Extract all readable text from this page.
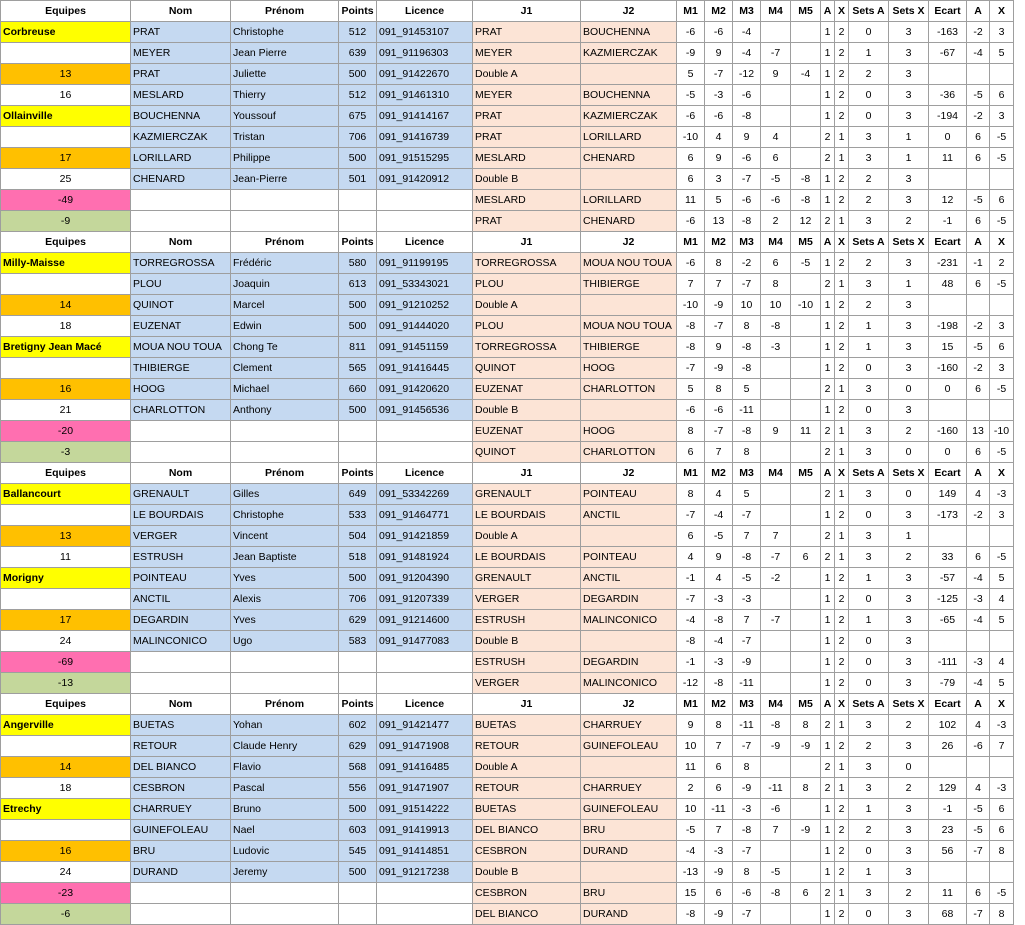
Equipes	Nom	Prénom	Points	Licence	J1	J2	M1	M2	M3	M4	M5	A	X	Sets A	Sets X	Ecart	A	X
Corbreuse	PRAT	Christophe	512	091_91453107	PRAT	BOUCHENNA	-6	-6	-4			1	2	0	3	-163	-2	3
	MEYER	Jean Pierre	639	091_91196303	MEYER	KAZMIERCZAK	-9	9	-4	-7		1	2	1	3	-67	-4	5
13	PRAT	Juliette	500	091_91422670	Double A		5	-7	-12	9	-4	1	2	2	3			
16	MESLARD	Thierry	512	091_91461310	MEYER	BOUCHENNA	-5	-3	-6			1	2	0	3	-36	-5	6
Ollainville	BOUCHENNA	Youssouf	675	091_91414167	PRAT	KAZMIERCZAK	-6	-6	-8			1	2	0	3	-194	-2	3
	KAZMIERCZAK	Tristan	706	091_91416739	PRAT	LORILLARD	-10	4	9	4		2	1	3	1	0	6	-5
17	LORILLARD	Philippe	500	091_91515295	MESLARD	CHENARD	6	9	-6	6		2	1	3	1	11	6	-5
25	CHENARD	Jean-Pierre	501	091_91420912	Double B		6	3	-7	-5	-8	1	2	2	3			
-49					MESLARD	LORILLARD	11	5	-6	-6	-8	1	2	2	3	12	-5	6
-9					PRAT	CHENARD	-6	13	-8	2	12	2	1	3	2	-1	6	-5
Equipes	Nom	Prénom	Points	Licence	J1	J2	M1	M2	M3	M4	M5	A	X	Sets A	Sets X	Ecart	A	X
Milly-Maisse	TORREGROSSA	Frédéric	580	091_91199195	TORREGROSSA	MOUA NOU TOUA	-6	8	-2	6	-5	1	2	2	3	-231	-1	2
	PLOU	Joaquin	613	091_53343021	PLOU	THIBIERGE	7	7	-7	8		2	1	3	1	48	6	-5
14	QUINOT	Marcel	500	091_91210252	Double A		-10	-9	10	10	-10	1	2	2	3			
18	EUZENAT	Edwin	500	091_91444020	PLOU	MOUA NOU TOUA	-8	-7	8	-8		1	2	1	3	-198	-2	3
Bretigny Jean Macé	MOUA NOU TOUA	Chong Te	811	091_91451159	TORREGROSSA	THIBIERGE	-8	9	-8	-3		1	2	1	3	15	-5	6
	THIBIERGE	Clement	565	091_91416445	QUINOT	HOOG	-7	-9	-8			1	2	0	3	-160	-2	3
16	HOOG	Michael	660	091_91420620	EUZENAT	CHARLOTTON	5	8	5			2	1	3	0	0	6	-5
21	CHARLOTTON	Anthony	500	091_91456536	Double B		-6	-6	-11			1	2	0	3			
-20					EUZENAT	HOOG	8	-7	-8	9	11	2	1	3	2	-160	13	-10
-3					QUINOT	CHARLOTTON	6	7	8			2	1	3	0	0	6	-5
Equipes	Nom	Prénom	Points	Licence	J1	J2	M1	M2	M3	M4	M5	A	X	Sets A	Sets X	Ecart	A	X
Ballancourt	GRENAULT	Gilles	649	091_53342269	GRENAULT	POINTEAU	8	4	5			2	1	3	0	149	4	-3
	LE BOURDAIS	Christophe	533	091_91464771	LE BOURDAIS	ANCTIL	-7	-4	-7			1	2	0	3	-173	-2	3
13	VERGER	Vincent	504	091_91421859	Double A		6	-5	7	7		2	1	3	1			
11	ESTRUSH	Jean Baptiste	518	091_91481924	LE BOURDAIS	POINTEAU	4	9	-8	-7	6	2	1	3	2	33	6	-5
Morigny	POINTEAU	Yves	500	091_91204390	GRENAULT	ANCTIL	-1	4	-5	-2		1	2	1	3	-57	-4	5
	ANCTIL	Alexis	706	091_91207339	VERGER	DEGARDIN	-7	-3	-3			1	2	0	3	-125	-3	4
17	DEGARDIN	Yves	629	091_91214600	ESTRUSH	MALINCONICO	-4	-8	7	-7		1	2	1	3	-65	-4	5
24	MALINCONICO	Ugo	583	091_91477083	Double B		-8	-4	-7			1	2	0	3			
-69					ESTRUSH	DEGARDIN	-1	-3	-9			1	2	0	3	-111	-3	4
-13					VERGER	MALINCONICO	-12	-8	-11			1	2	0	3	-79	-4	5
Equipes	Nom	Prénom	Points	Licence	J1	J2	M1	M2	M3	M4	M5	A	X	Sets A	Sets X	Ecart	A	X
Angerville	BUETAS	Yohan	602	091_91421477	BUETAS	CHARRUEY	9	8	-11	-8	8	2	1	3	2	102	4	-3
	RETOUR	Claude Henry	629	091_91471908	RETOUR	GUINEFOLEAU	10	7	-7	-9	-9	1	2	2	3	26	-6	7
14	DEL BIANCO	Flavio	568	091_91416485	Double A		11	6	8			2	1	3	0			
18	CESBRON	Pascal	556	091_91471907	RETOUR	CHARRUEY	2	6	-9	-11	8	2	1	3	2	129	4	-3
Etrechy	CHARRUEY	Bruno	500	091_91514222	BUETAS	GUINEFOLEAU	10	-11	-3	-6		1	2	1	3	-1	-5	6
	GUINEFOLEAU	Nael	603	091_91419913	DEL BIANCO	BRU	-5	7	-8	7	-9	1	2	2	3	23	-5	6
16	BRU	Ludovic	545	091_91414851	CESBRON	DURAND	-4	-3	-7			1	2	0	3	56	-7	8
24	DURAND	Jeremy	500	091_91217238	Double B		-13	-9	8	-5		1	2	1	3			
-23					CESBRON	BRU	15	6	-6	-8	6	2	1	3	2	11	6	-5
-6					DEL BIANCO	DURAND	-8	-9	-7			1	2	0	3	68	-7	8
